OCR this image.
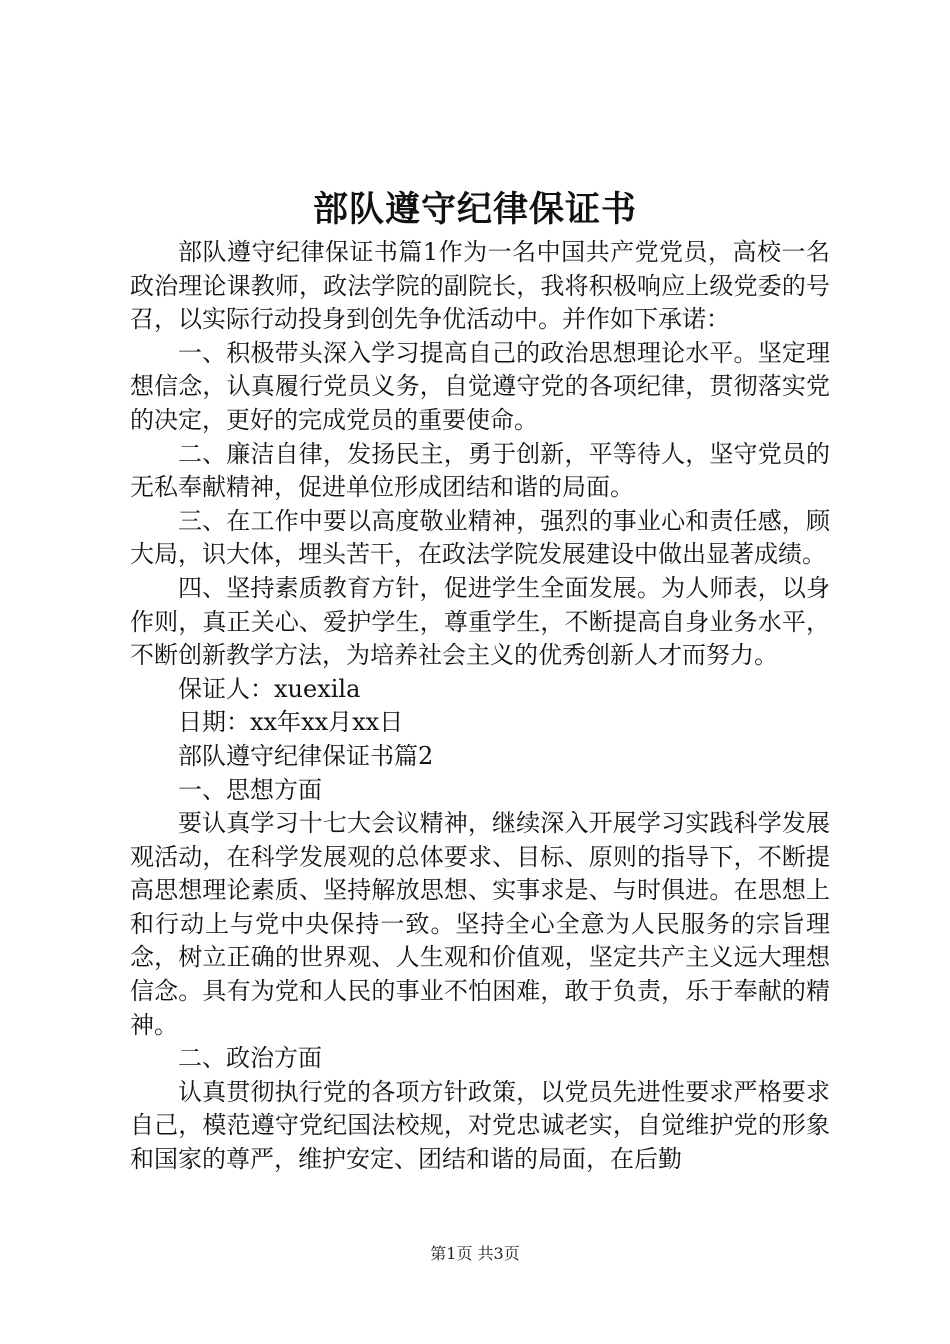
部队遵守纪律保证书

部队遵守纪律保证书篇1作为一名中国共产党党员，高校一名政治理论课教师，政法学院的副院长，我将积极响应上级党委的号召，以实际行动投身到创先争优活动中。并作如下承诺：

一、积极带头深入学习提高自己的政治思想理论水平。坚定理想信念，认真履行党员义务，自觉遵守党的各项纪律，贯彻落实党的决定，更好的完成党员的重要使命。

二、廉洁自律，发扬民主，勇于创新，平等待人，坚守党员的无私奉献精神，促进单位形成团结和谐的局面。

三、在工作中要以高度敬业精神，强烈的事业心和责任感，顾大局，识大体，埋头苦干，在政法学院发展建设中做出显著成绩。

四、坚持素质教育方针，促进学生全面发展。为人师表，以身作则，真正关心、爱护学生，尊重学生，不断提高自身业务水平，不断创新教学方法，为培养社会主义的优秀创新人才而努力。

保证人：xuexila

日期：xx年xx月xx日

部队遵守纪律保证书篇2

一、思想方面

要认真学习十七大会议精神，继续深入开展学习实践科学发展观活动，在科学发展观的总体要求、目标、原则的指导下，不断提高思想理论素质、坚持解放思想、实事求是、与时俱进。在思想上和行动上与党中央保持一致。坚持全心全意为人民服务的宗旨理念，树立正确的世界观、人生观和价值观，坚定共产主义远大理想信念。具有为党和人民的事业不怕困难，敢于负责，乐于奉献的精神。

二、政治方面

认真贯彻执行党的各项方针政策，以党员先进性要求严格要求自己，模范遵守党纪国法校规，对党忠诚老实，自觉维护党的形象和国家的尊严，维护安定、团结和谐的局面，在后勤

第1页 共3页
